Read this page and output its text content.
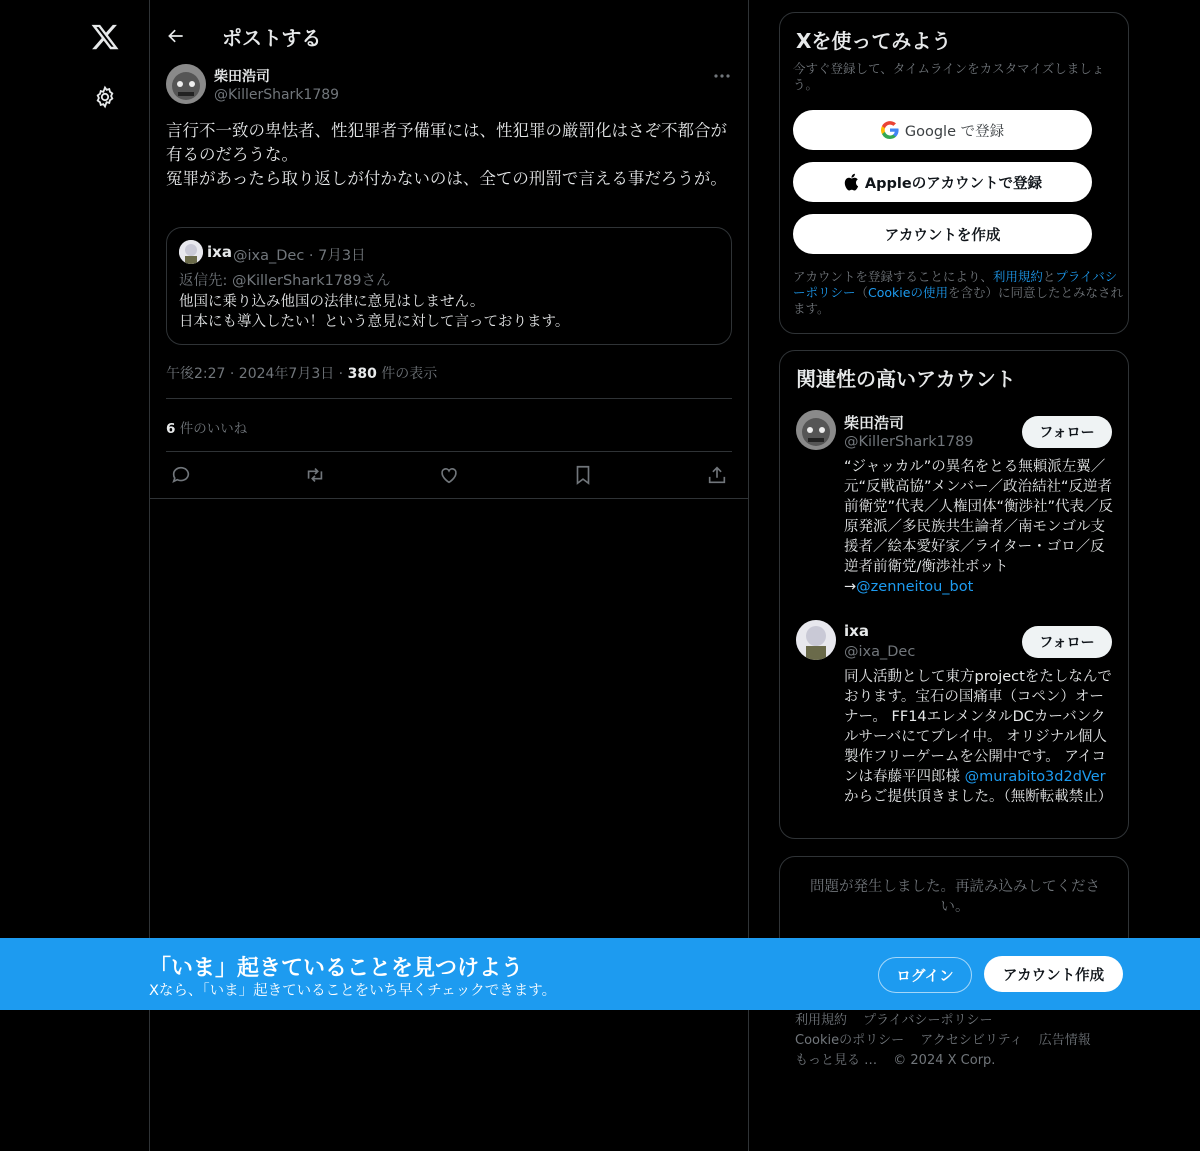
ポストする
柴田浩司
@KillerShark1789
言行不一致の卑怯者、性犯罪者予備軍には、性犯罪の厳罰化はさぞ不都合が有るのだろうな。
冤罪があったら取り返しが付かないのは、全ての刑罰で言える事だろうが。
ixa @ixa_Dec · 7月3日
返信先: @KillerShark1789さん
他国に乗り込み他国の法律に意見はしません。
日本にも導入したい！という意見に対して言っております。
午後2:27 · 2024年7月3日 · 380 件の表示
6 件のいいね
Xを使ってみよう
今すぐ登録して、タイムラインをカスタマイズしましょう。
Google で登録
Appleのアカウントで登録
アカウントを作成
アカウントを登録することにより、利用規約とプライバシーポリシー（Cookieの使用を含む）に同意したとみなされます。
関連性の高いアカウント
柴田浩司
@KillerShark1789
フォロー
“ジャッカル”の異名をとる無頼派左翼／元“反戦高協”メンバー／政治結社“反逆者前衛党”代表／人権団体“衡渉社”代表／反原発派／多民族共生論者／南モンゴル支援者／絵本愛好家／ライター・ゴロ／反逆者前衛党/衡渉社ボット→@zenneitou_bot
ixa
@ixa_Dec
フォロー
同人活動として東方projectをたしなんでおります。宝石の国痛車（コペン）オーナー。 FF14エレメンタルDCカーバンクルサーバにてプレイ中。 オリジナル個人製作フリーゲームを公開中です。 アイコンは春藤平四郎様 @murabito3d2dVer からご提供頂きました。（無断転載禁止）
問題が発生しました。再読み込みしてください。
利用規約 プライバシーポリシー
Cookieのポリシー アクセシビリティ 広告情報
もっと見る … © 2024 X Corp.
「いま」起きていることを見つけよう
Xなら、「いま」起きていることをいち早くチェックできます。
ログイン	アカウント作成
